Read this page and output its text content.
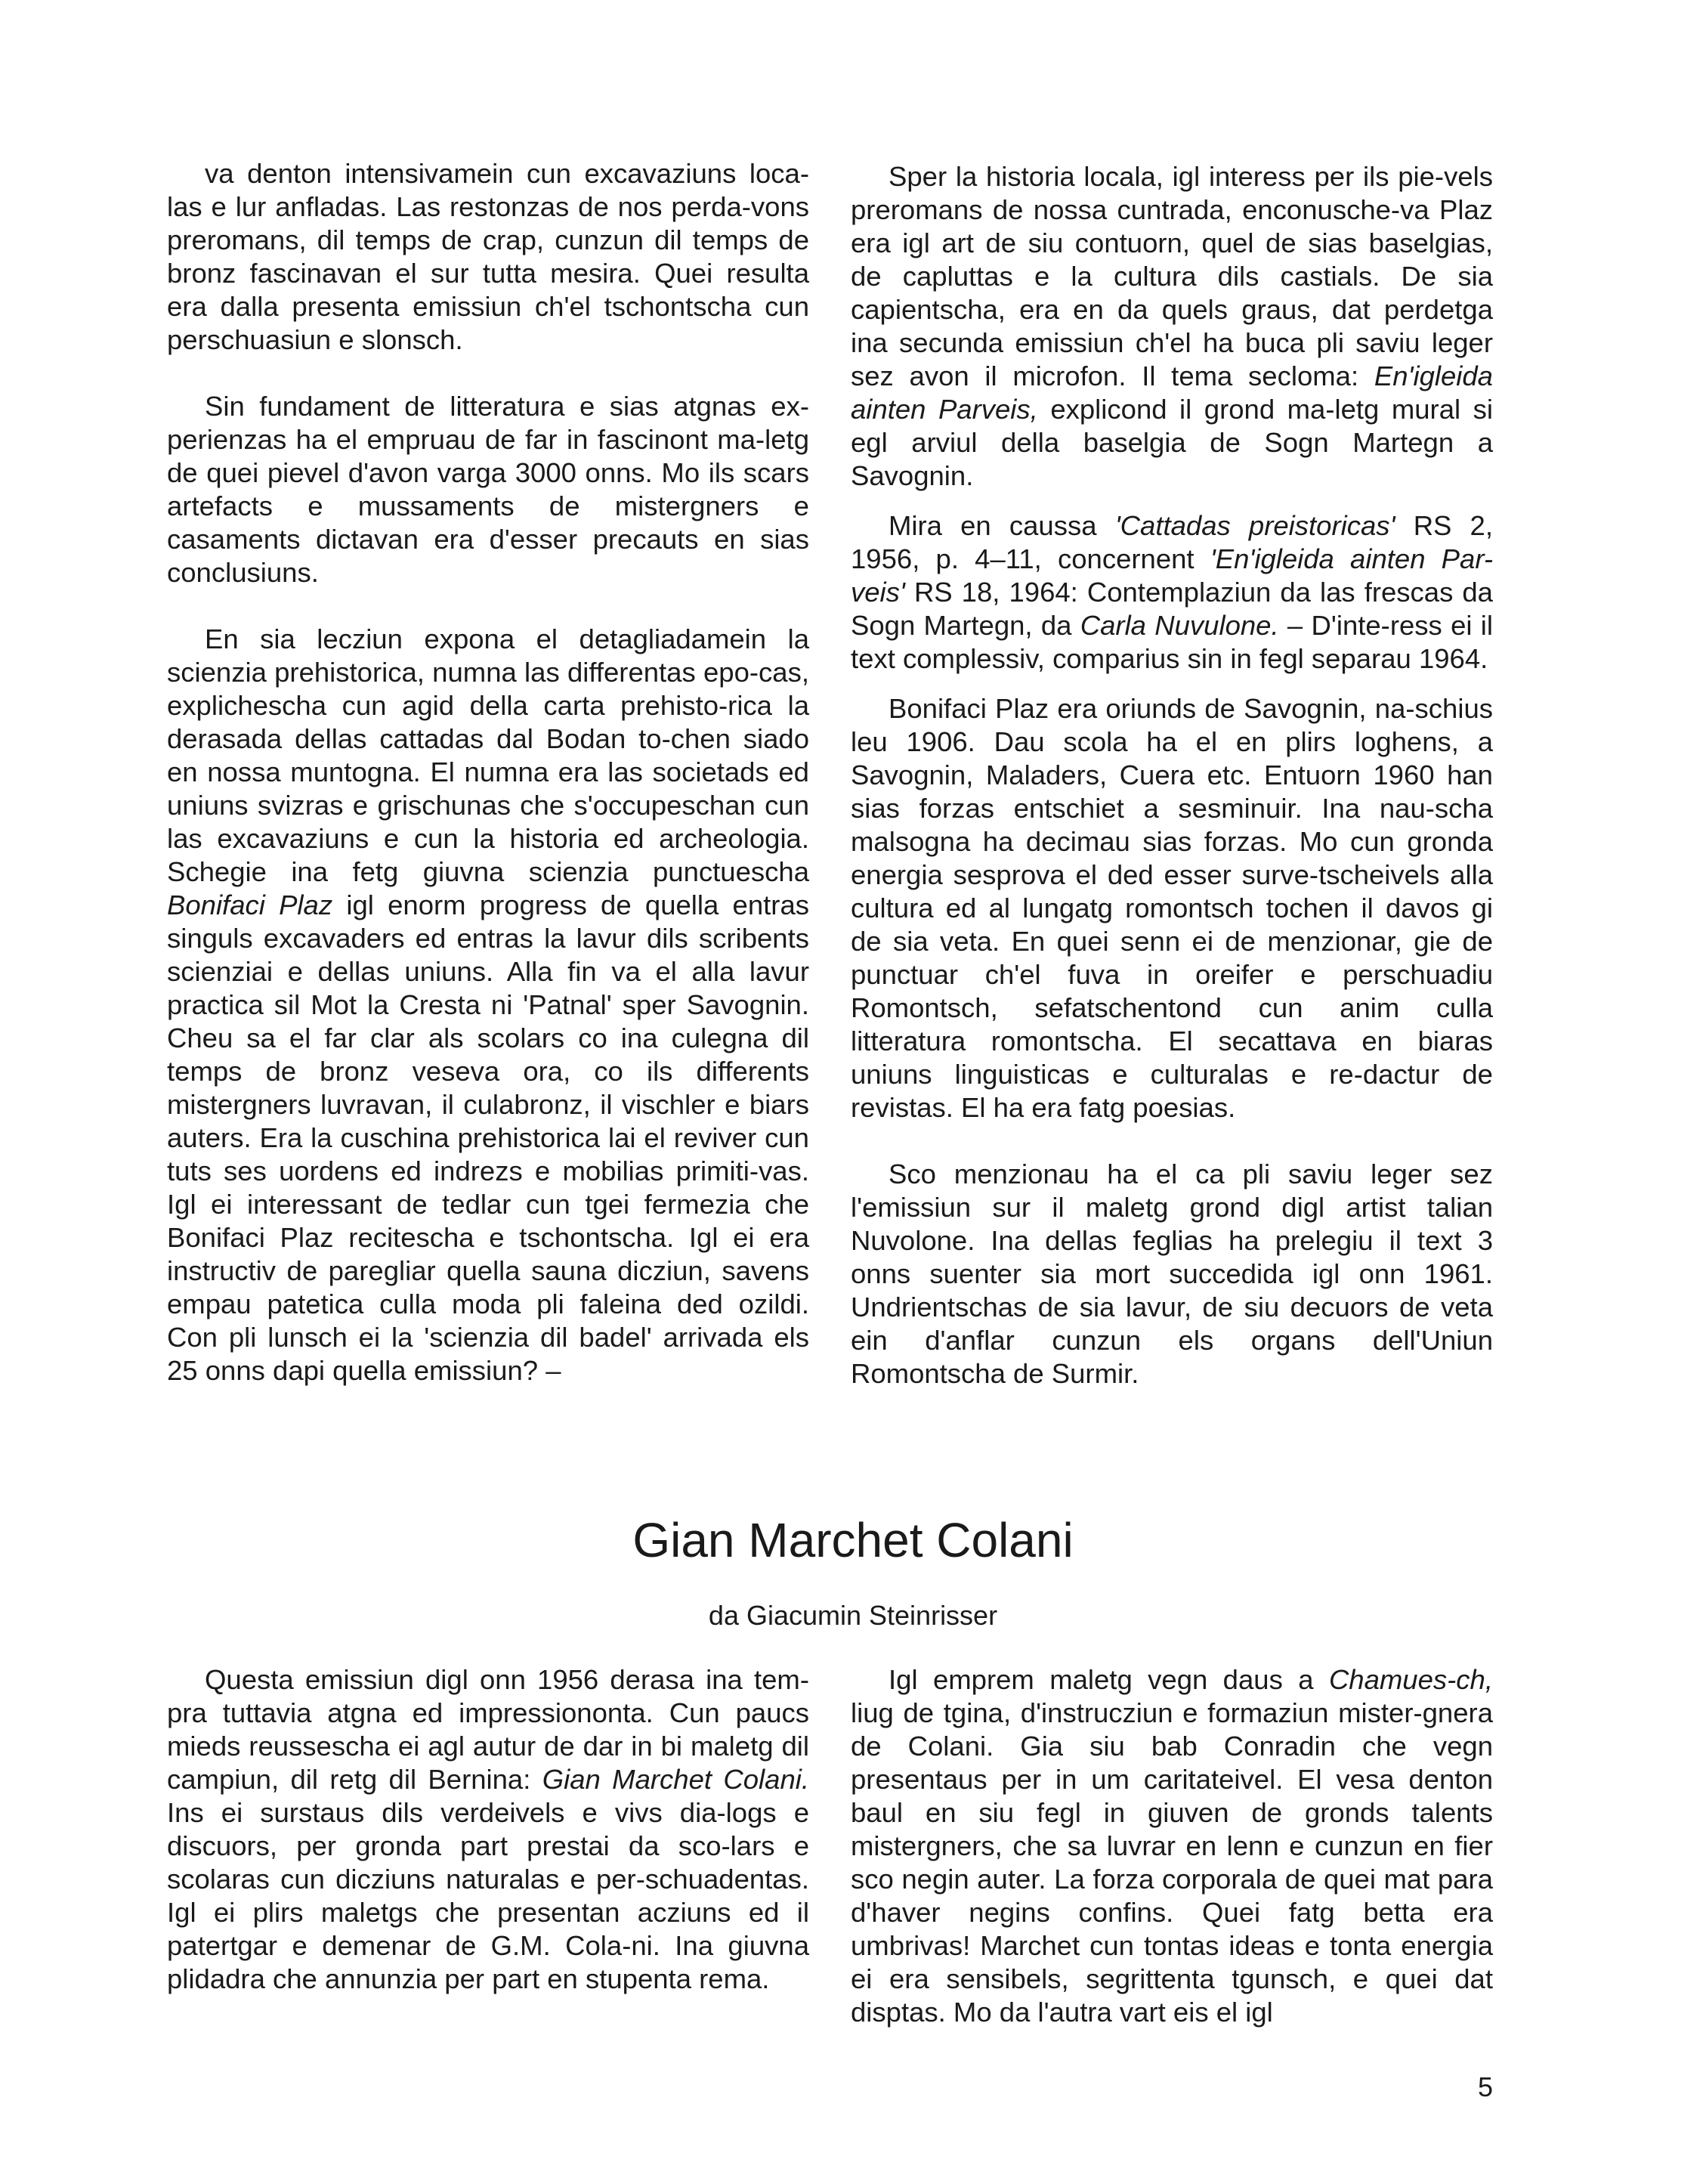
va denton intensivamein cun excavaziuns loca-las e lur anfladas. Las restonzas de nos perda-vons preromans, dil temps de crap, cunzun dil temps de bronz fascinavan el sur tutta mesira. Quei resulta era dalla presenta emissiun ch'el tschontscha cun perschuasiun e slonsch.

Sin fundament de litteratura e sias atgnas ex-perienzas ha el empruau de far in fascinont ma-letg de quei pievel d'avon varga 3000 onns. Mo ils scars artefacts e mussaments de mistergners e casaments dictavan era d'esser precauts en sias conclusiuns.

En sia lecziun expona el detagliadamein la scienzia prehistorica, numna las differentas epo-cas, explichescha cun agid della carta prehisto-rica la derasada dellas cattadas dal Bodan to-chen siado en nossa muntogna. El numna era las societads ed uniuns svizras e grischunas che s'occupeschan cun las excavaziuns e cun la historia ed archeologia. Schegie ina fetg giuvna scienzia punctuescha Bonifaci Plaz igl enorm progress de quella entras singuls excavaders ed entras la lavur dils scribents scienziai e dellas uniuns. Alla fin va el alla lavur practica sil Mot la Cresta ni 'Patnal' sper Savognin. Cheu sa el far clar als scolars co ina culegna dil temps de bronz veseva ora, co ils differents mistergners luvravan, il culabronz, il vischler e biars auters. Era la cuschina prehistorica lai el reviver cun tuts ses uordens ed indrezs e mobilias primiti-vas. Igl ei interessant de tedlar cun tgei fermezia che Bonifaci Plaz recitescha e tschontscha. Igl ei era instructiv de paregliar quella sauna dicziun, savens empau patetica culla moda pli faleina ded ozildi. Con pli lunsch ei la 'scienzia dil badel' arrivada els 25 onns dapi quella emissiun? –

Sper la historia locala, igl interess per ils pie-vels preromans de nossa cuntrada, enconusche-va Plaz era igl art de siu contuorn, quel de sias baselgias, de capluttas e la cultura dils castials. De sia capientscha, era en da quels graus, dat perdetga ina secunda emissiun ch'el ha buca pli saviu leger sez avon il microfon. Il tema secloma: En'igleida ainten Parveis, explicond il grond ma-letg mural si egl arviul della baselgia de Sogn Martegn a Savognin.

Mira en caussa 'Cattadas preistoricas' RS 2, 1956, p. 4–11, concernent 'En'igleida ainten Par-veis' RS 18, 1964: Contemplaziun da las frescas da Sogn Martegn, da Carla Nuvulone. – D'inte-ress ei il text complessiv, comparius sin in fegl separau 1964.

Bonifaci Plaz era oriunds de Savognin, na-schius leu 1906. Dau scola ha el en plirs loghens, a Savognin, Maladers, Cuera etc. Entuorn 1960 han sias forzas entschiet a sesminuir. Ina nau-scha malsogna ha decimau sias forzas. Mo cun gronda energia sesprova el ded esser surve-tscheivels alla cultura ed al lungatg romontsch tochen il davos gi de sia veta. En quei senn ei de menzionar, gie de punctuar ch'el fuva in oreifer e perschuadiu Romontsch, sefatschentond cun anim culla litteratura romontscha. El secattava en biaras uniuns linguisticas e culturalas e re-dactur de revistas. El ha era fatg poesias.

Sco menzionau ha el ca pli saviu leger sez l'emissiun sur il maletg grond digl artist talian Nuvolone. Ina dellas feglias ha prelegiu il text 3 onns suenter sia mort succedida igl onn 1961. Undrientschas de sia lavur, de siu decuors de veta ein d'anflar cunzun els organs dell'Uniun Romontscha de Surmir.

Gian Marchet Colani
da Giacumin Steinrisser

Questa emissiun digl onn 1956 derasa ina tem-pra tuttavia atgna ed impressiononta. Cun paucs mieds reussescha ei agl autur de dar in bi maletg dil campiun, dil retg dil Bernina: Gian Marchet Colani. Ins ei surstaus dils verdeivels e vivs dia-logs e discuors, per gronda part prestai da sco-lars e scolaras cun dicziuns naturalas e per-schuadentas. Igl ei plirs maletgs che presentan acziuns ed il patertgar e demenar de G.M. Cola-ni. Ina giuvna plidadra che annunzia per part en stupenta rema.

Igl emprem maletg vegn daus a Chamues-ch, liug de tgina, d'instrucziun e formaziun mister-gnera de Colani. Gia siu bab Conradin che vegn presentaus per in um caritateivel. El vesa denton baul en siu fegl in giuven de gronds talents mistergners, che sa luvrar en lenn e cunzun en fier sco negin auter. La forza corporala de quei mat para d'haver negins confins. Quei fatg betta era umbrivas! Marchet cun tontas ideas e tonta energia ei era sensibels, segrittenta tgunsch, e quei dat disptas. Mo da l'autra vart eis el igl

5
